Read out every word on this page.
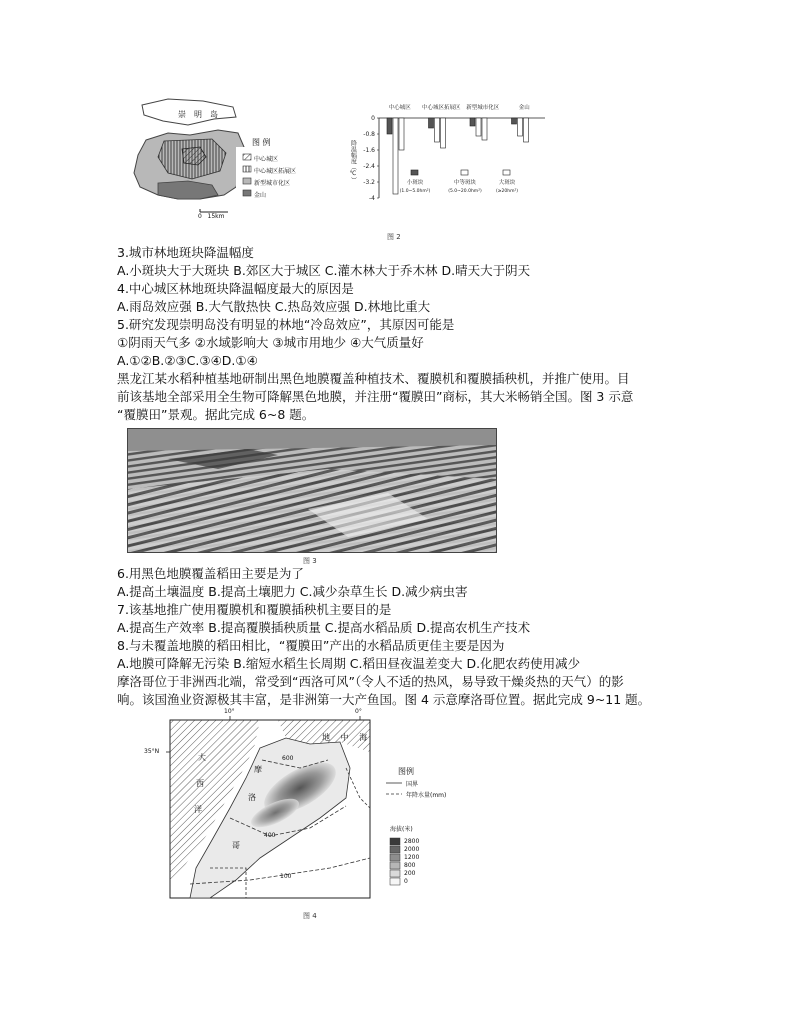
崇明岛
图 例
中心城区
中心城区拓展区
新型城市化区
金山
0   15km
0
-0.8
-1.6
-2.4
-3.2
-4
降温幅度（℃）
中心城区 中心城区拓展区 新型城市化区	金山
小斑块
(1.0~5.0hm²)
中等斑块
(5.0~20.0hm²)
大斑块
(≥20hm²)
图 2
3.城市林地斑块降温幅度
A.小斑块大于大斑块 B.郊区大于城区 C.灌木林大于乔木林 D.晴天大于阴天
4.中心城区林地斑块降温幅度最大的原因是
A.雨岛效应强 B.大气散热快 C.热岛效应强 D.林地比重大
5.研究发现崇明岛没有明显的林地“冷岛效应”，其原因可能是
①阴雨天气多 ②水域影响大 ③城市用地少 ④大气质量好
A.①②B.②③C.③④D.①④
黑龙江某水稻种植基地研制出黑色地膜覆盖种植技术、覆膜机和覆膜插秧机，并推广使用。目
前该基地全部采用全生物可降解黑色地膜，并注册“覆膜田”商标，其大米畅销全国。图 3 示意
“覆膜田”景观。据此完成 6~8 题。
图 3
6.用黑色地膜覆盖稻田主要是为了
A.提高土壤温度 B.提高土壤肥力 C.减少杂草生长 D.减少病虫害
7.该基地推广使用覆膜机和覆膜插秧机主要目的是
A.提高生产效率 B.提高覆膜插秧质量 C.提高水稻品质 D.提高农机生产技术
8.与未覆盖地膜的稻田相比，“覆膜田”产出的水稻品质更佳主要是因为
A.地膜可降解无污染 B.缩短水稻生长周期 C.稻田昼夜温差变大 D.化肥农药使用减少
摩洛哥位于非洲西北端，常受到“西洛可风”（令人不适的热风，易导致干燥炎热的天气）的影
响。该国渔业资源极其丰富，是非洲第一大产鱼国。图 4 示意摩洛哥位置。据此完成 9~11 题。
10°	0°
35°N
地 中 海
大
西
洋
摩
洛
哥
600
400
100
图例
国界
年降水量(mm)
海拔(米)
2800
2000
1200
800
200
0
图 4
